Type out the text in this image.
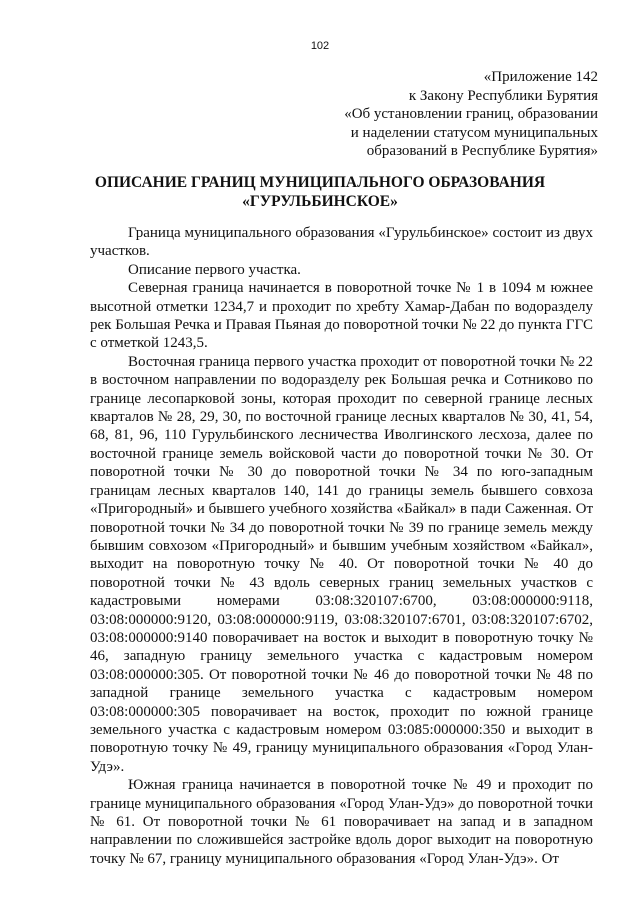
102
«Приложение 142
к Закону Республики Бурятия
«Об установлении границ, образовании
и наделении статусом муниципальных
образований в Республике Бурятия»
ОПИСАНИЕ ГРАНИЦ МУНИЦИПАЛЬНОГО ОБРАЗОВАНИЯ
«ГУРУЛЬБИНСКОЕ»

Граница муниципального образования «Гурульбинское» состоит из двух участков.

Описание первого участка.

Северная граница начинается в поворотной точке № 1 в 1094 м южнее высотной отметки 1234,7 и проходит по хребту Хамар-Дабан по водоразделу рек Большая Речка и Правая Пьяная до поворотной точки № 22 до пункта ГГС с отметкой 1243,5.

Восточная граница первого участка проходит от поворотной точки № 22 в восточном направлении по водоразделу рек Большая речка и Сотниково по границе лесопарковой зоны, которая проходит по северной границе лесных кварталов № 28, 29, 30, по восточной границе лесных кварталов № 30, 41, 54, 68, 81, 96, 110 Гурульбинского лесничества Иволгинского лесхоза, далее по восточной границе земель войсковой части до поворотной точки № 30. От поворотной точки № 30 до поворотной точки № 34 по юго-западным границам лесных кварталов 140, 141 до границы земель бывшего совхоза «Пригородный» и бывшего учебного хозяйства «Байкал» в пади Саженная. От поворотной точки № 34 до поворотной точки № 39 по границе земель между бывшим совхозом «Пригородный» и бывшим учебным хозяйством «Байкал», выходит на поворотную точку № 40. От поворотной точки № 40 до поворотной точки № 43 вдоль северных границ земельных участков с кадастровыми номерами 03:08:320107:6700, 03:08:000000:9118, 03:08:000000:9120, 03:08:000000:9119, 03:08:320107:6701, 03:08:320107:6702, 03:08:000000:9140 поворачивает на восток и выходит в поворотную точку № 46, западную границу земельного участка с кадастровым номером 03:08:000000:305. От поворотной точки № 46 до поворотной точки № 48 по западной границе земельного участка с кадастровым номером 03:08:000000:305 поворачивает на восток, проходит по южной границе земельного участка с кадастровым номером 03:085:000000:350 и выходит в поворотную точку № 49, границу муниципального образования «Город Улан-Удэ».

Южная граница начинается в поворотной точке № 49 и проходит по границе муниципального образования «Город Улан-Удэ» до поворотной точки № 61. От поворотной точки № 61 поворачивает на запад и в западном направлении по сложившейся застройке вдоль дорог выходит на поворотную точку № 67, границу муниципального образования «Город Улан-Удэ». От
